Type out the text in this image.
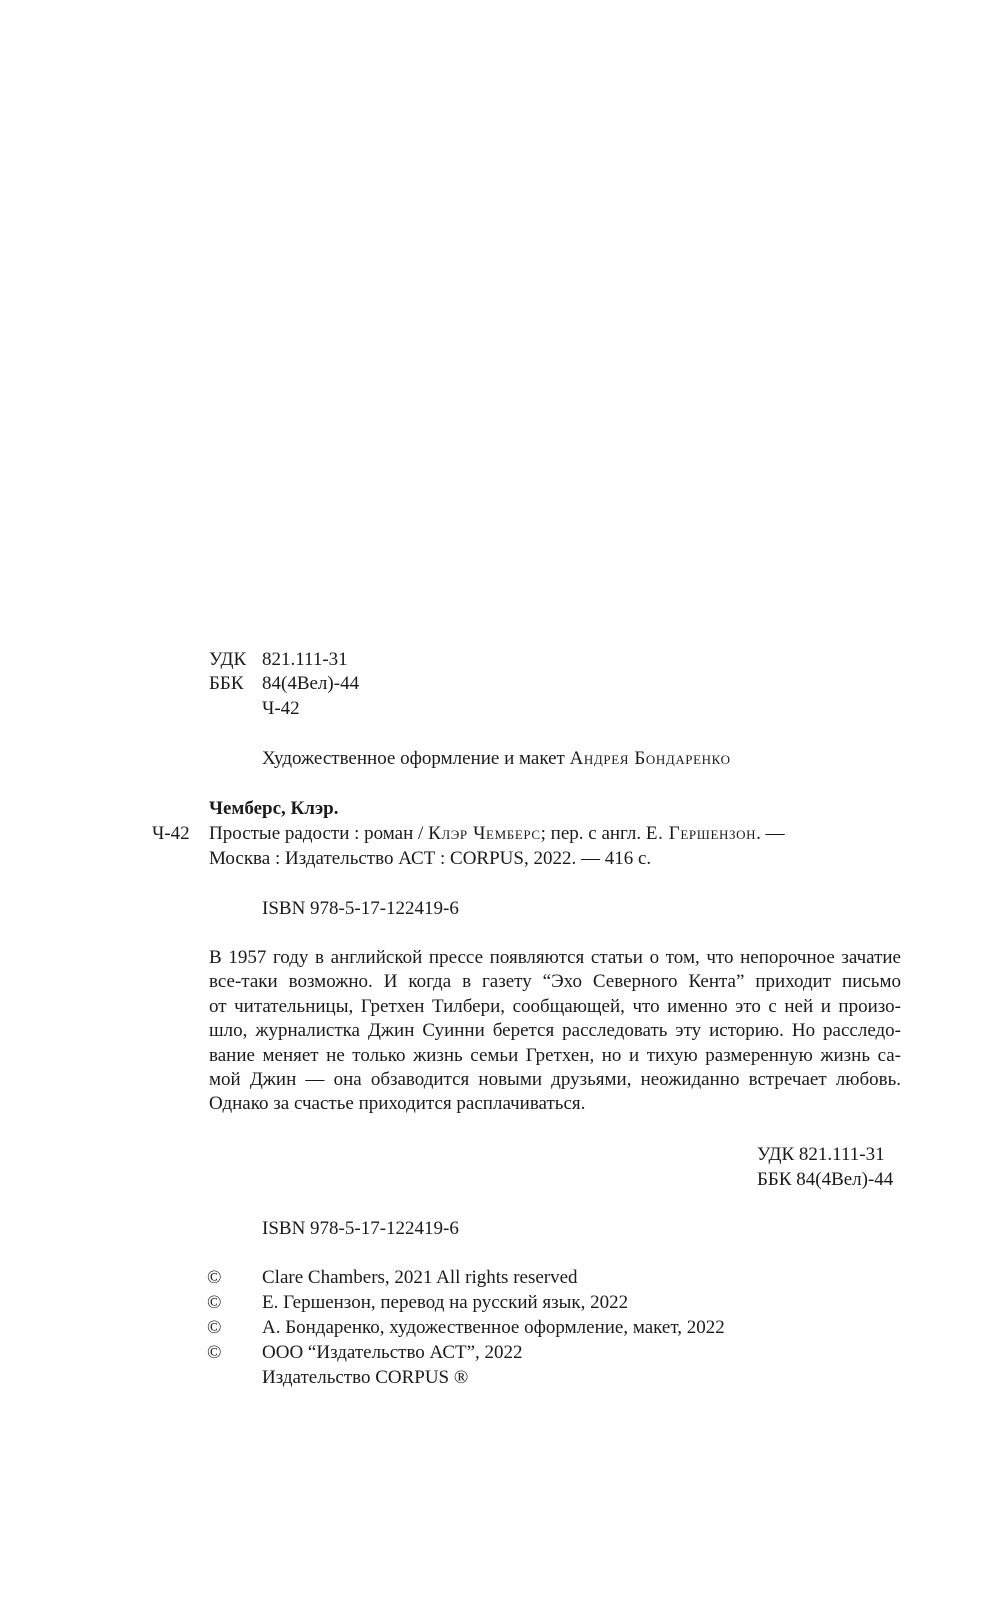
УДК 821.111-31
ББК 84(4Вел)-44
Ч-42
Художественное оформление и макет Андрея Бондаренко
Чемберс, Клэр.
Ч-42 Простые радости : роман / Клэр Чемберс; пер. с англ. Е. Гершензон. —
Москва : Издательство АСТ : CORPUS, 2022. — 416 с.
ISBN 978-5-17-122419-6
В 1957 году в английской прессе появляются статьи о том, что непорочное зачатие
все-таки возможно. И когда в газету “Эхо Северного Кента” приходит письмо
от читательницы, Гретхен Тилбери, сообщающей, что именно это с ней и произо-
шло, журналистка Джин Суинни берется расследовать эту историю. Но расследо-
вание меняет не только жизнь семьи Гретхен, но и тихую размеренную жизнь са-
мой Джин — она обзаводится новыми друзьями, неожиданно встречает любовь.
Однако за счастье приходится расплачиваться.
УДК 821.111-31
ББК 84(4Вел)-44
ISBN 978-5-17-122419-6
© Clare Chambers, 2021 All rights reserved
© Е. Гершензон, перевод на русский язык, 2022
© А. Бондаренко, художественное оформление, макет, 2022
© ООО “Издательство АСТ”, 2022
Издательство CORPUS ®
